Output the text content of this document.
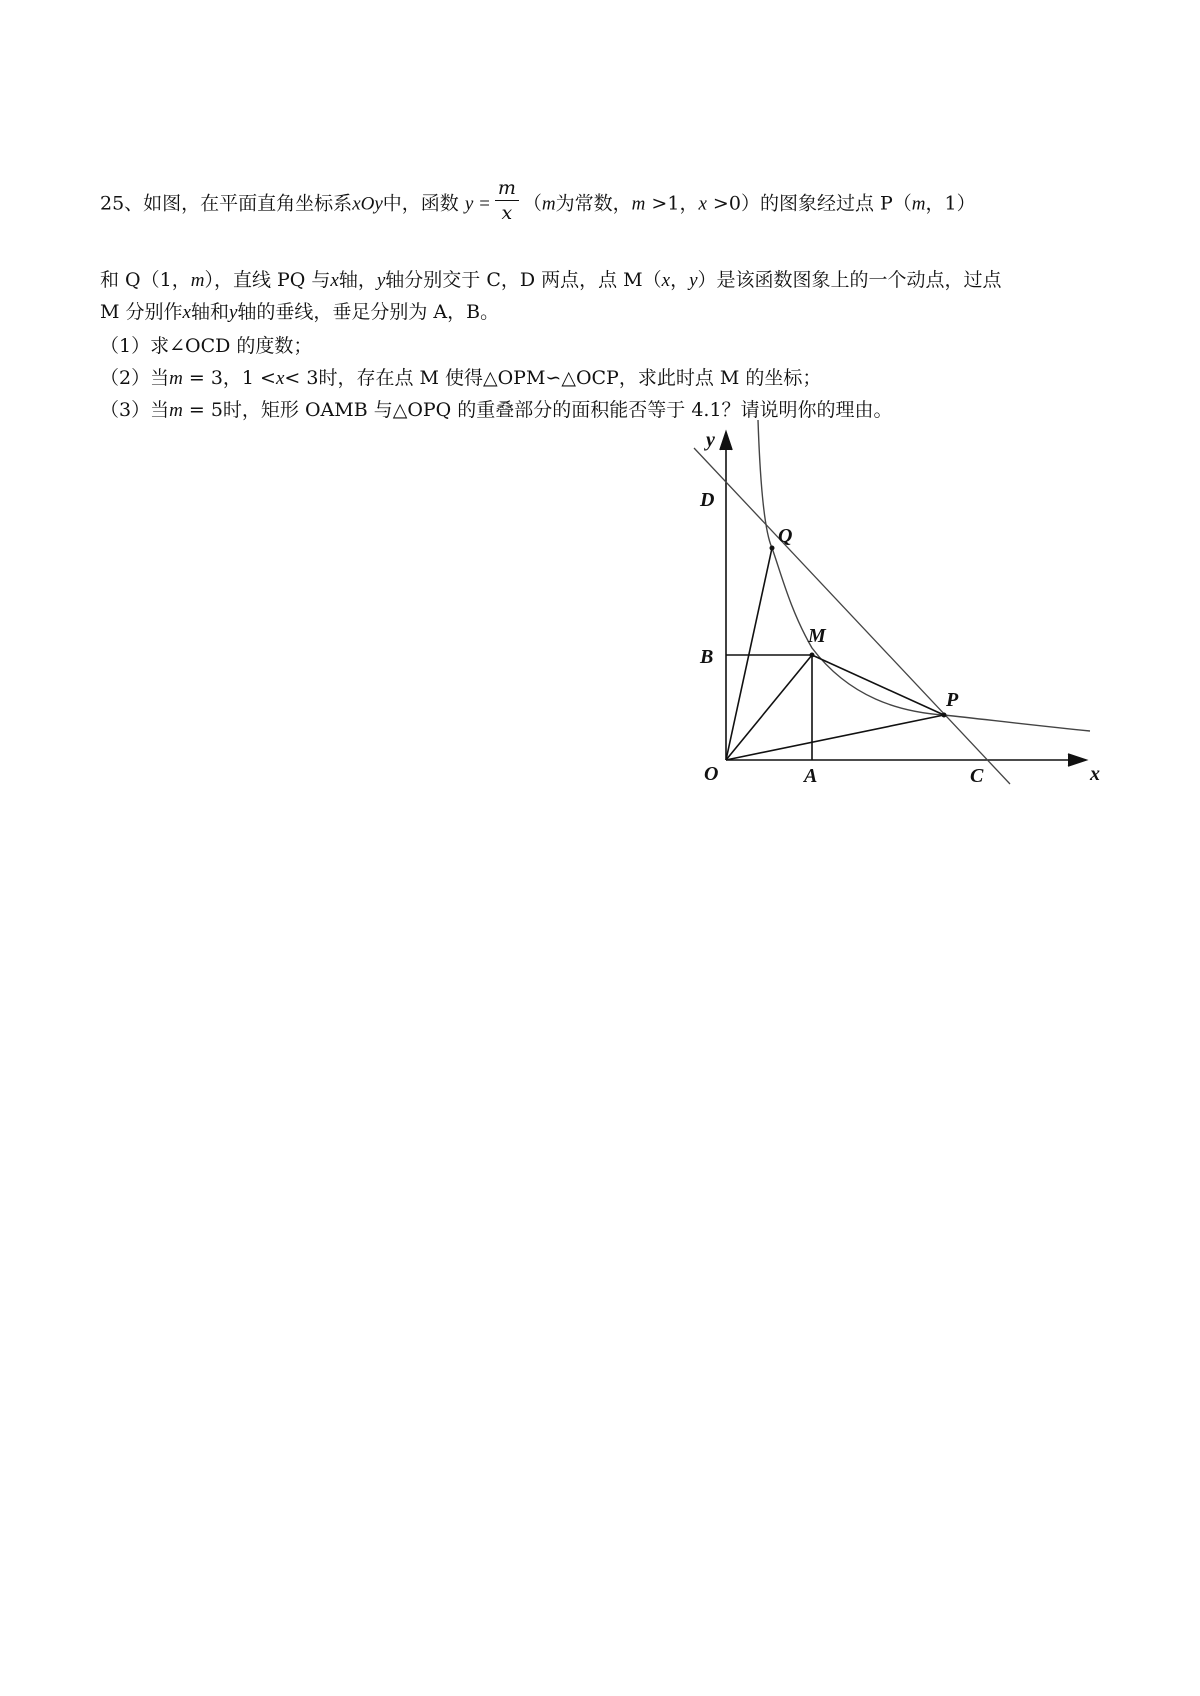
25、如图，在平面直角坐标系xOy中，函数 $y = \frac{m}{x} (m$为常数，m >1，x >0）的图象经过点 P（m，1）
和 Q（1，m），直线 PQ 与x轴，y轴分别交于 C，D 两点，点 M（x，y）是该函数图象上的一个动点，过点
M 分别作x轴和y轴的垂线，垂足分别为 A，B。
（1）求∠OCD 的度数；
（2）当m = 3，1 <x< 3时，存在点 M 使得△OPM∽△OCP，求此时点 M 的坐标；
（3）当m = 5时，矩形 OAMB 与△OPQ 的重叠部分的面积能否等于 4.1？请说明你的理由。
y
x
O	A
B
C
D
M
P
Q
